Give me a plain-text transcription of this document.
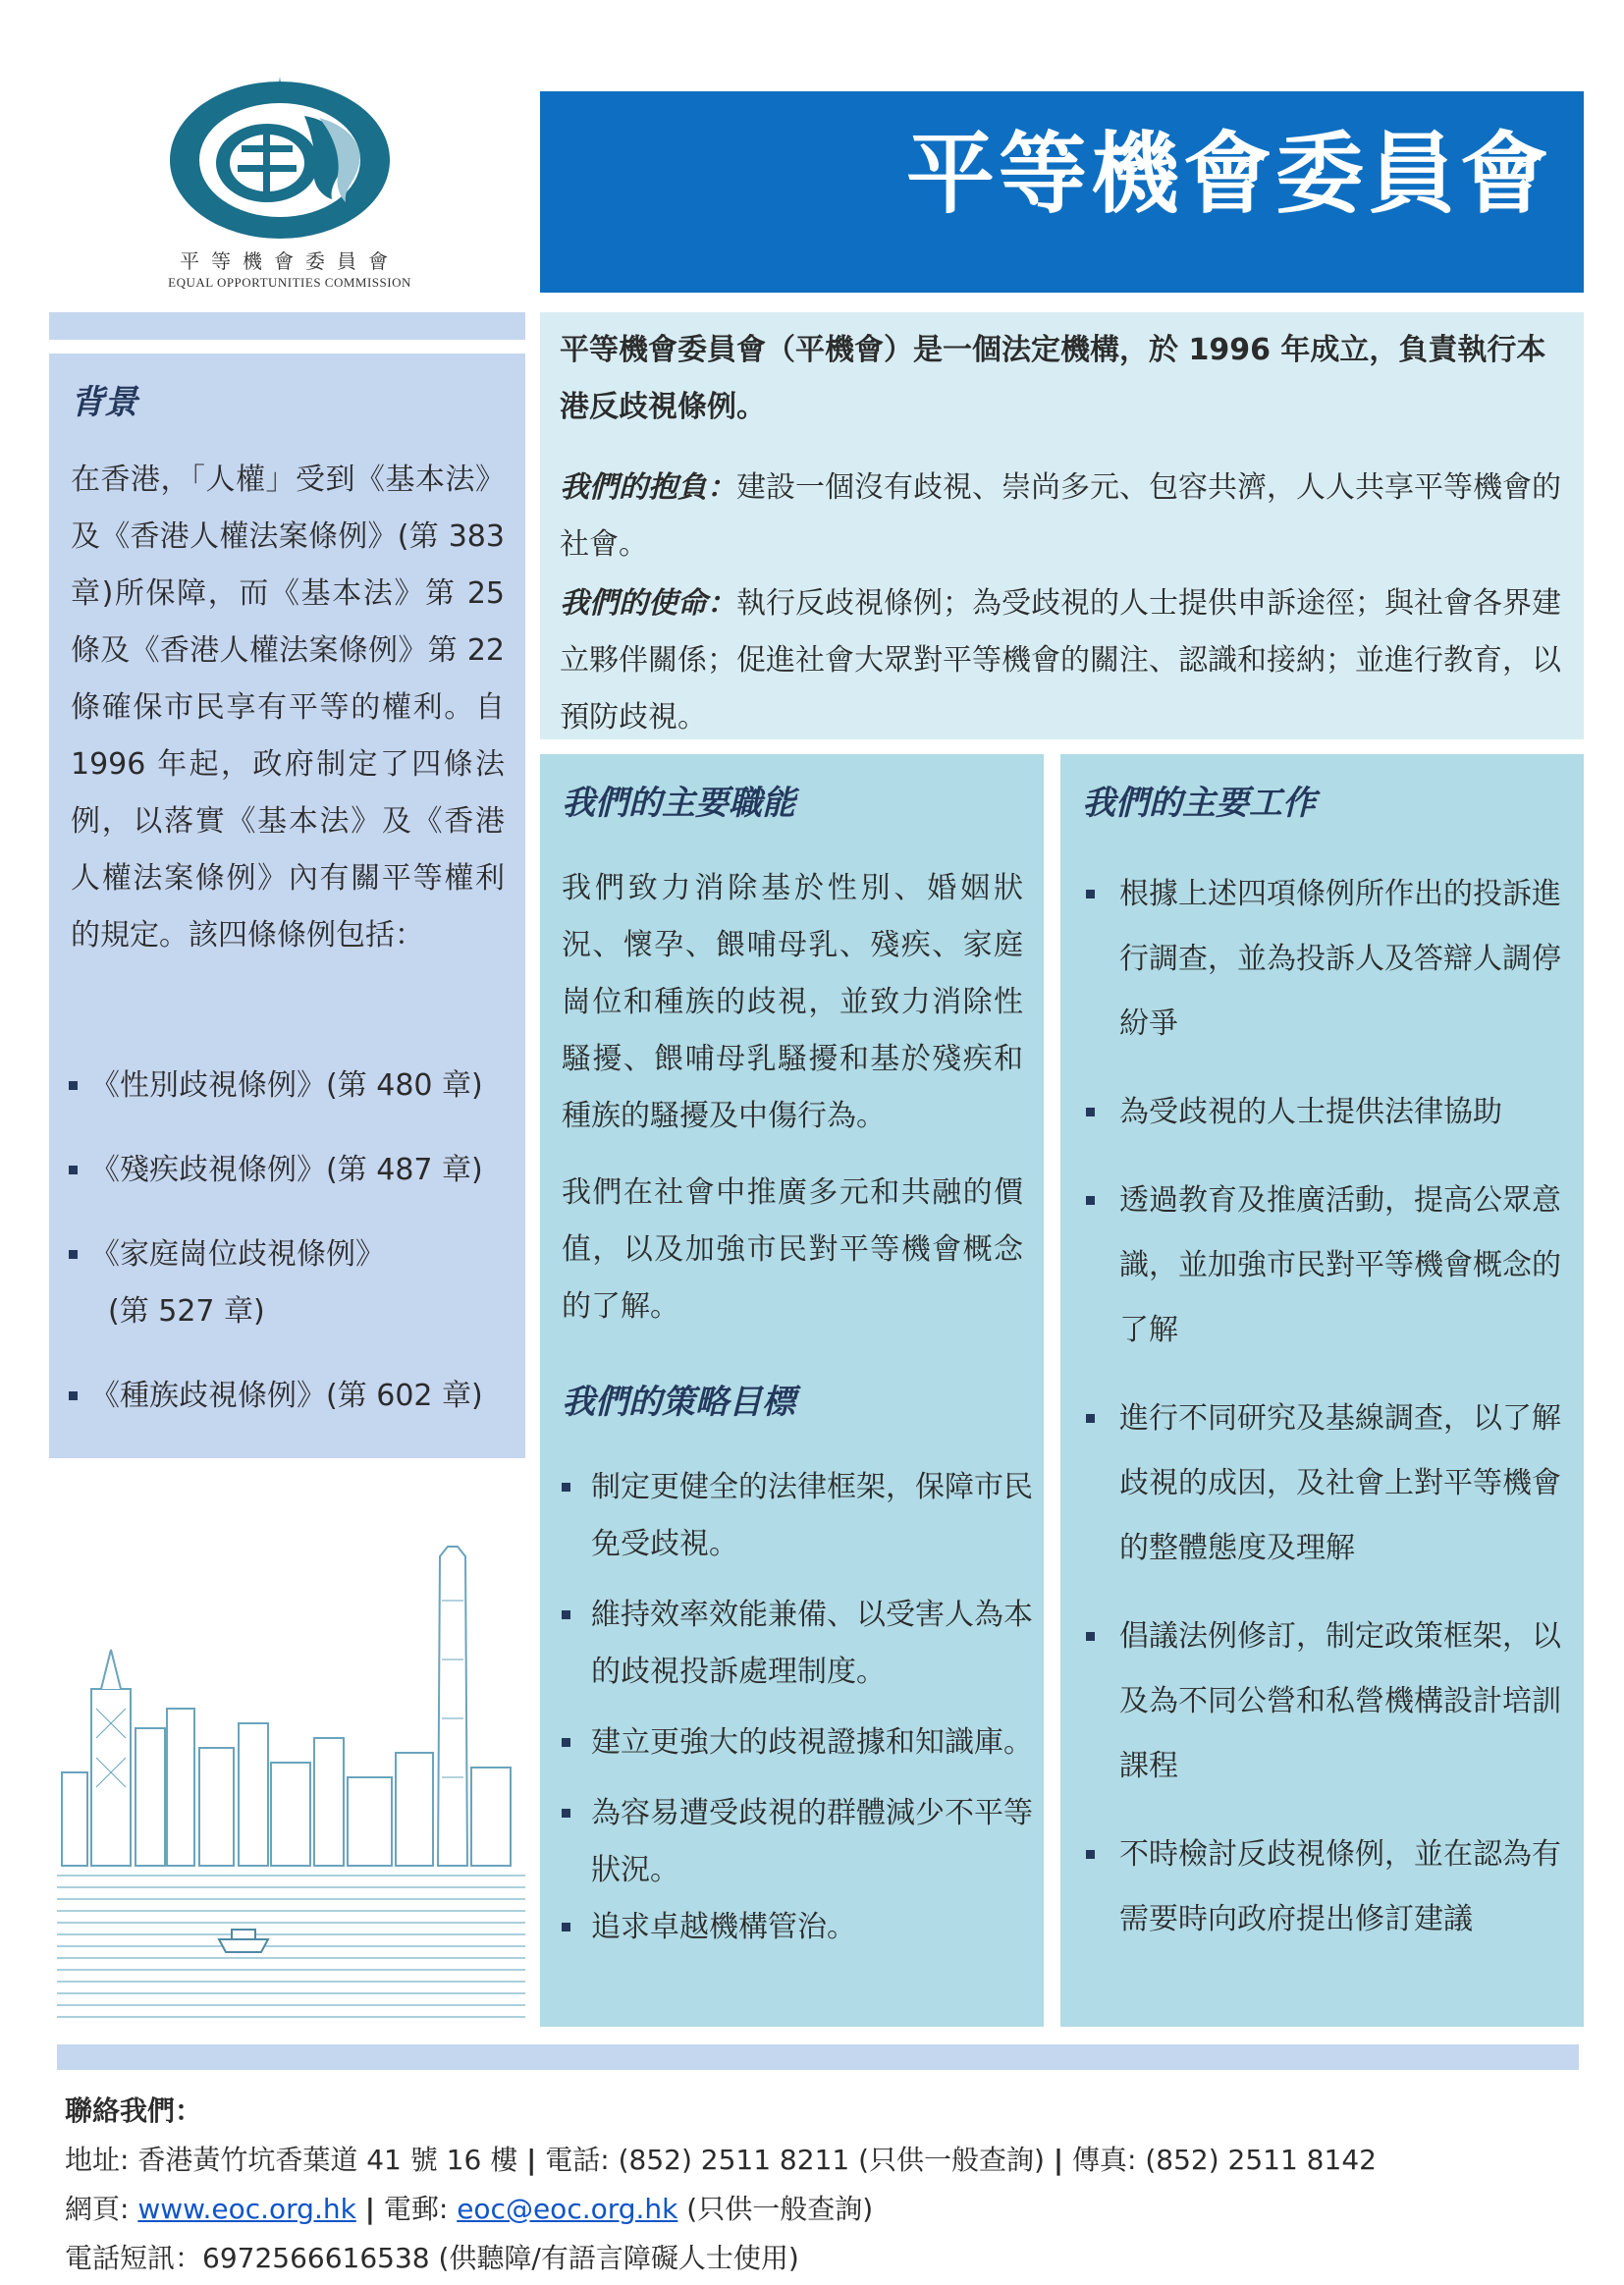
平等機會委員會
EQUAL OPPORTUNITIES COMMISSION
平等機會委員會
背景
在香港，「人權」受到《基本法》及《香港人權法案條例》(第 383 章)所保障，而《基本法》第 25 條及《香港人權法案條例》第 22 條確保市民享有平等的權利。自 1996 年起，政府制定了四條法例，以落實《基本法》及《香港人權法案條例》內有關平等權利的規定。該四條條例包括：
《性別歧視條例》(第 480 章)
《殘疾歧視條例》(第 487 章)
《家庭崗位歧視條例》
(第 527 章)
《種族歧視條例》(第 602 章)

平等機會委員會（平機會）是一個法定機構，於 1996 年成立，負責執行本港反歧視條例。

我們的抱負：建設一個沒有歧視、崇尚多元、包容共濟，人人共享平等機會的社會。

我們的使命：執行反歧視條例；為受歧視的人士提供申訴途徑；與社會各界建立夥伴關係；促進社會大眾對平等機會的關注、認識和接納；並進行教育，以預防歧視。

我們的主要職能
我們致力消除基於性別、婚姻狀況、懷孕、餵哺母乳、殘疾、家庭崗位和種族的歧視，並致力消除性騷擾、餵哺母乳騷擾和基於殘疾和種族的騷擾及中傷行為。
我們在社會中推廣多元和共融的價值，以及加強市民對平等機會概念的了解。
我們的策略目標
制定更健全的法律框架，保障市民免受歧視。
維持效率效能兼備、以受害人為本的歧視投訴處理制度。
建立更強大的歧視證據和知識庫。
為容易遭受歧視的群體減少不平等狀況。
追求卓越機構管治。
我們的主要工作
根據上述四項條例所作出的投訴進行調查，並為投訴人及答辯人調停紛爭
為受歧視的人士提供法律協助
透過教育及推廣活動，提高公眾意識，並加強市民對平等機會概念的了解
進行不同研究及基線調查，以了解歧視的成因，及社會上對平等機會的整體態度及理解
倡議法例修訂，制定政策框架，以及為不同公營和私營機構設計培訓課程
不時檢討反歧視條例，並在認為有需要時向政府提出修訂建議
聯絡我們：
地址: 香港黃竹坑香葉道 41 號 16 樓 | 電話: (852) 2511 8211 (只供一般查詢) | 傳真: (852) 2511 8142
網頁: www.eoc.org.hk | 電郵: eoc@eoc.org.hk (只供一般查詢)
電話短訊：6972566616538 (供聽障/有語言障礙人士使用)
